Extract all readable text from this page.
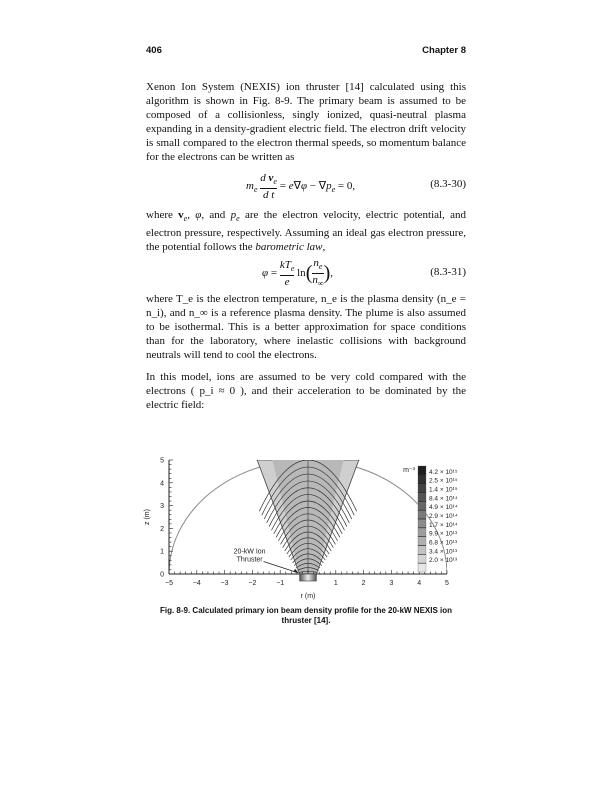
406	Chapter 8
Xenon Ion System (NEXIS) ion thruster [14] calculated using this algorithm is shown in Fig. 8-9. The primary beam is assumed to be composed of a collisionless, singly ionized, quasi-neutral plasma expanding in a density-gradient electric field. The electron drift velocity is small compared to the electron thermal speeds, so momentum balance for the electrons can be written as
$m_e \frac{d v_e}{\text{d t}} = e\nabla\varphi - \nabla p_e = 0$,	(8.3-30)
where $v_e$, φ, and $p_e$ are the electron velocity, electric potential, and electron pressure, respectively. Assuming an ideal gas electron pressure, the potential follows the barometric law,
φ =
$kT_e$
e
$\ln( \frac{n_e}{n_\infty}$ ),	(8.3-31)
where T_e is the electron temperature, n_e is the plasma density (n_e = n_i), and n_∞ is a reference plasma density. The plume is also assumed to be isothermal. This is a better approximation for space conditions than for the laboratory, where inelastic collisions with background neutrals will tend to cool the electrons.
In this model, ions are assumed to be very cold compared with the electrons ( p_i ≈ 0 ), and their acceleration to be dominated by the electric field:
−5	−4	−3	−2	−1	1	2	3	4	5
0
1
2
3
4
5
r (m)
z (m)
20-kW Ion
Thruster
m⁻³ 4.2 × 10¹⁵
2.5 × 10¹⁵
1.4 × 10¹⁵
8.4 × 10¹⁴
4.9 × 10¹⁴
2.9 × 10¹⁴
1.7 × 10¹⁴
9.9 × 10¹³
6.8 × 10¹³
3.4 × 10¹³
2.0 × 10¹³
Fig. 8-9. Calculated primary ion beam density profile for the 20-kW NEXIS ion thruster [14].
